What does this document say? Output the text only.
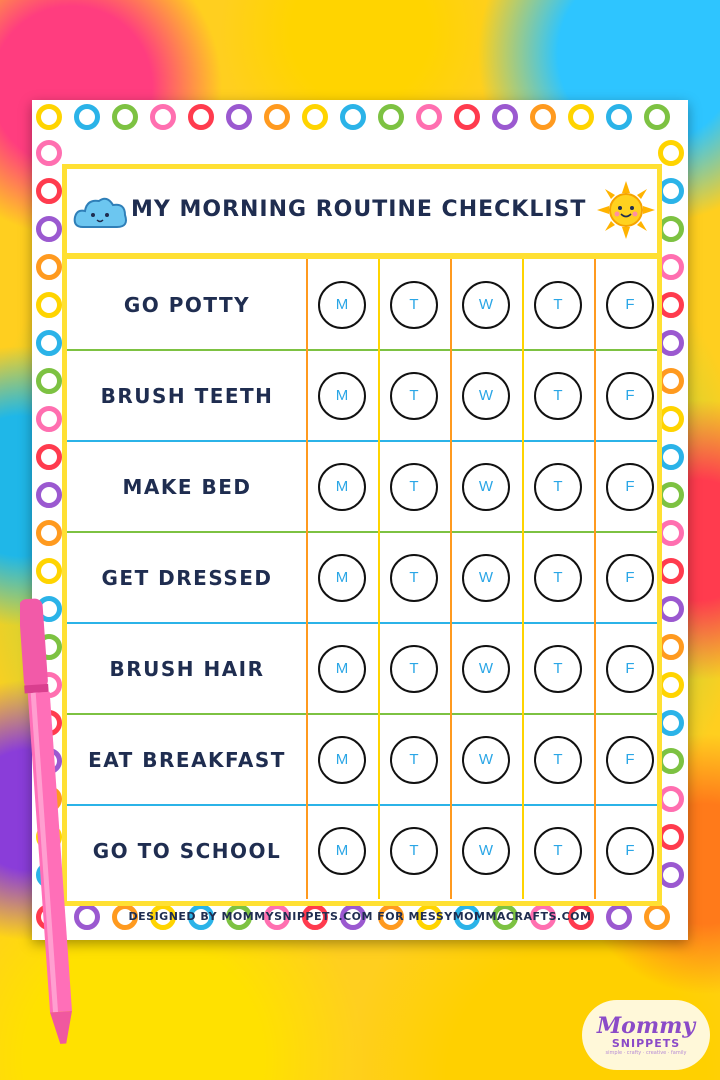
MY MORNING ROUTINE CHECKLIST
GO POTTY	M	T	W	T	F
BRUSH TEETH	M	T	W	T	F
MAKE BED	M	T	W	T	F
GET DRESSED	M	T	W	T	F
BRUSH HAIR	M	T	W	T	F
EAT BREAKFAST	M	T	W	T	F
GO TO SCHOOL	M	T	W	T	F
DESIGNED BY MOMMYSNIPPETS.COM FOR MESSYMOMMACRAFTS.COM
Mommy
SNIPPETS
simple · crafty · creative · family
